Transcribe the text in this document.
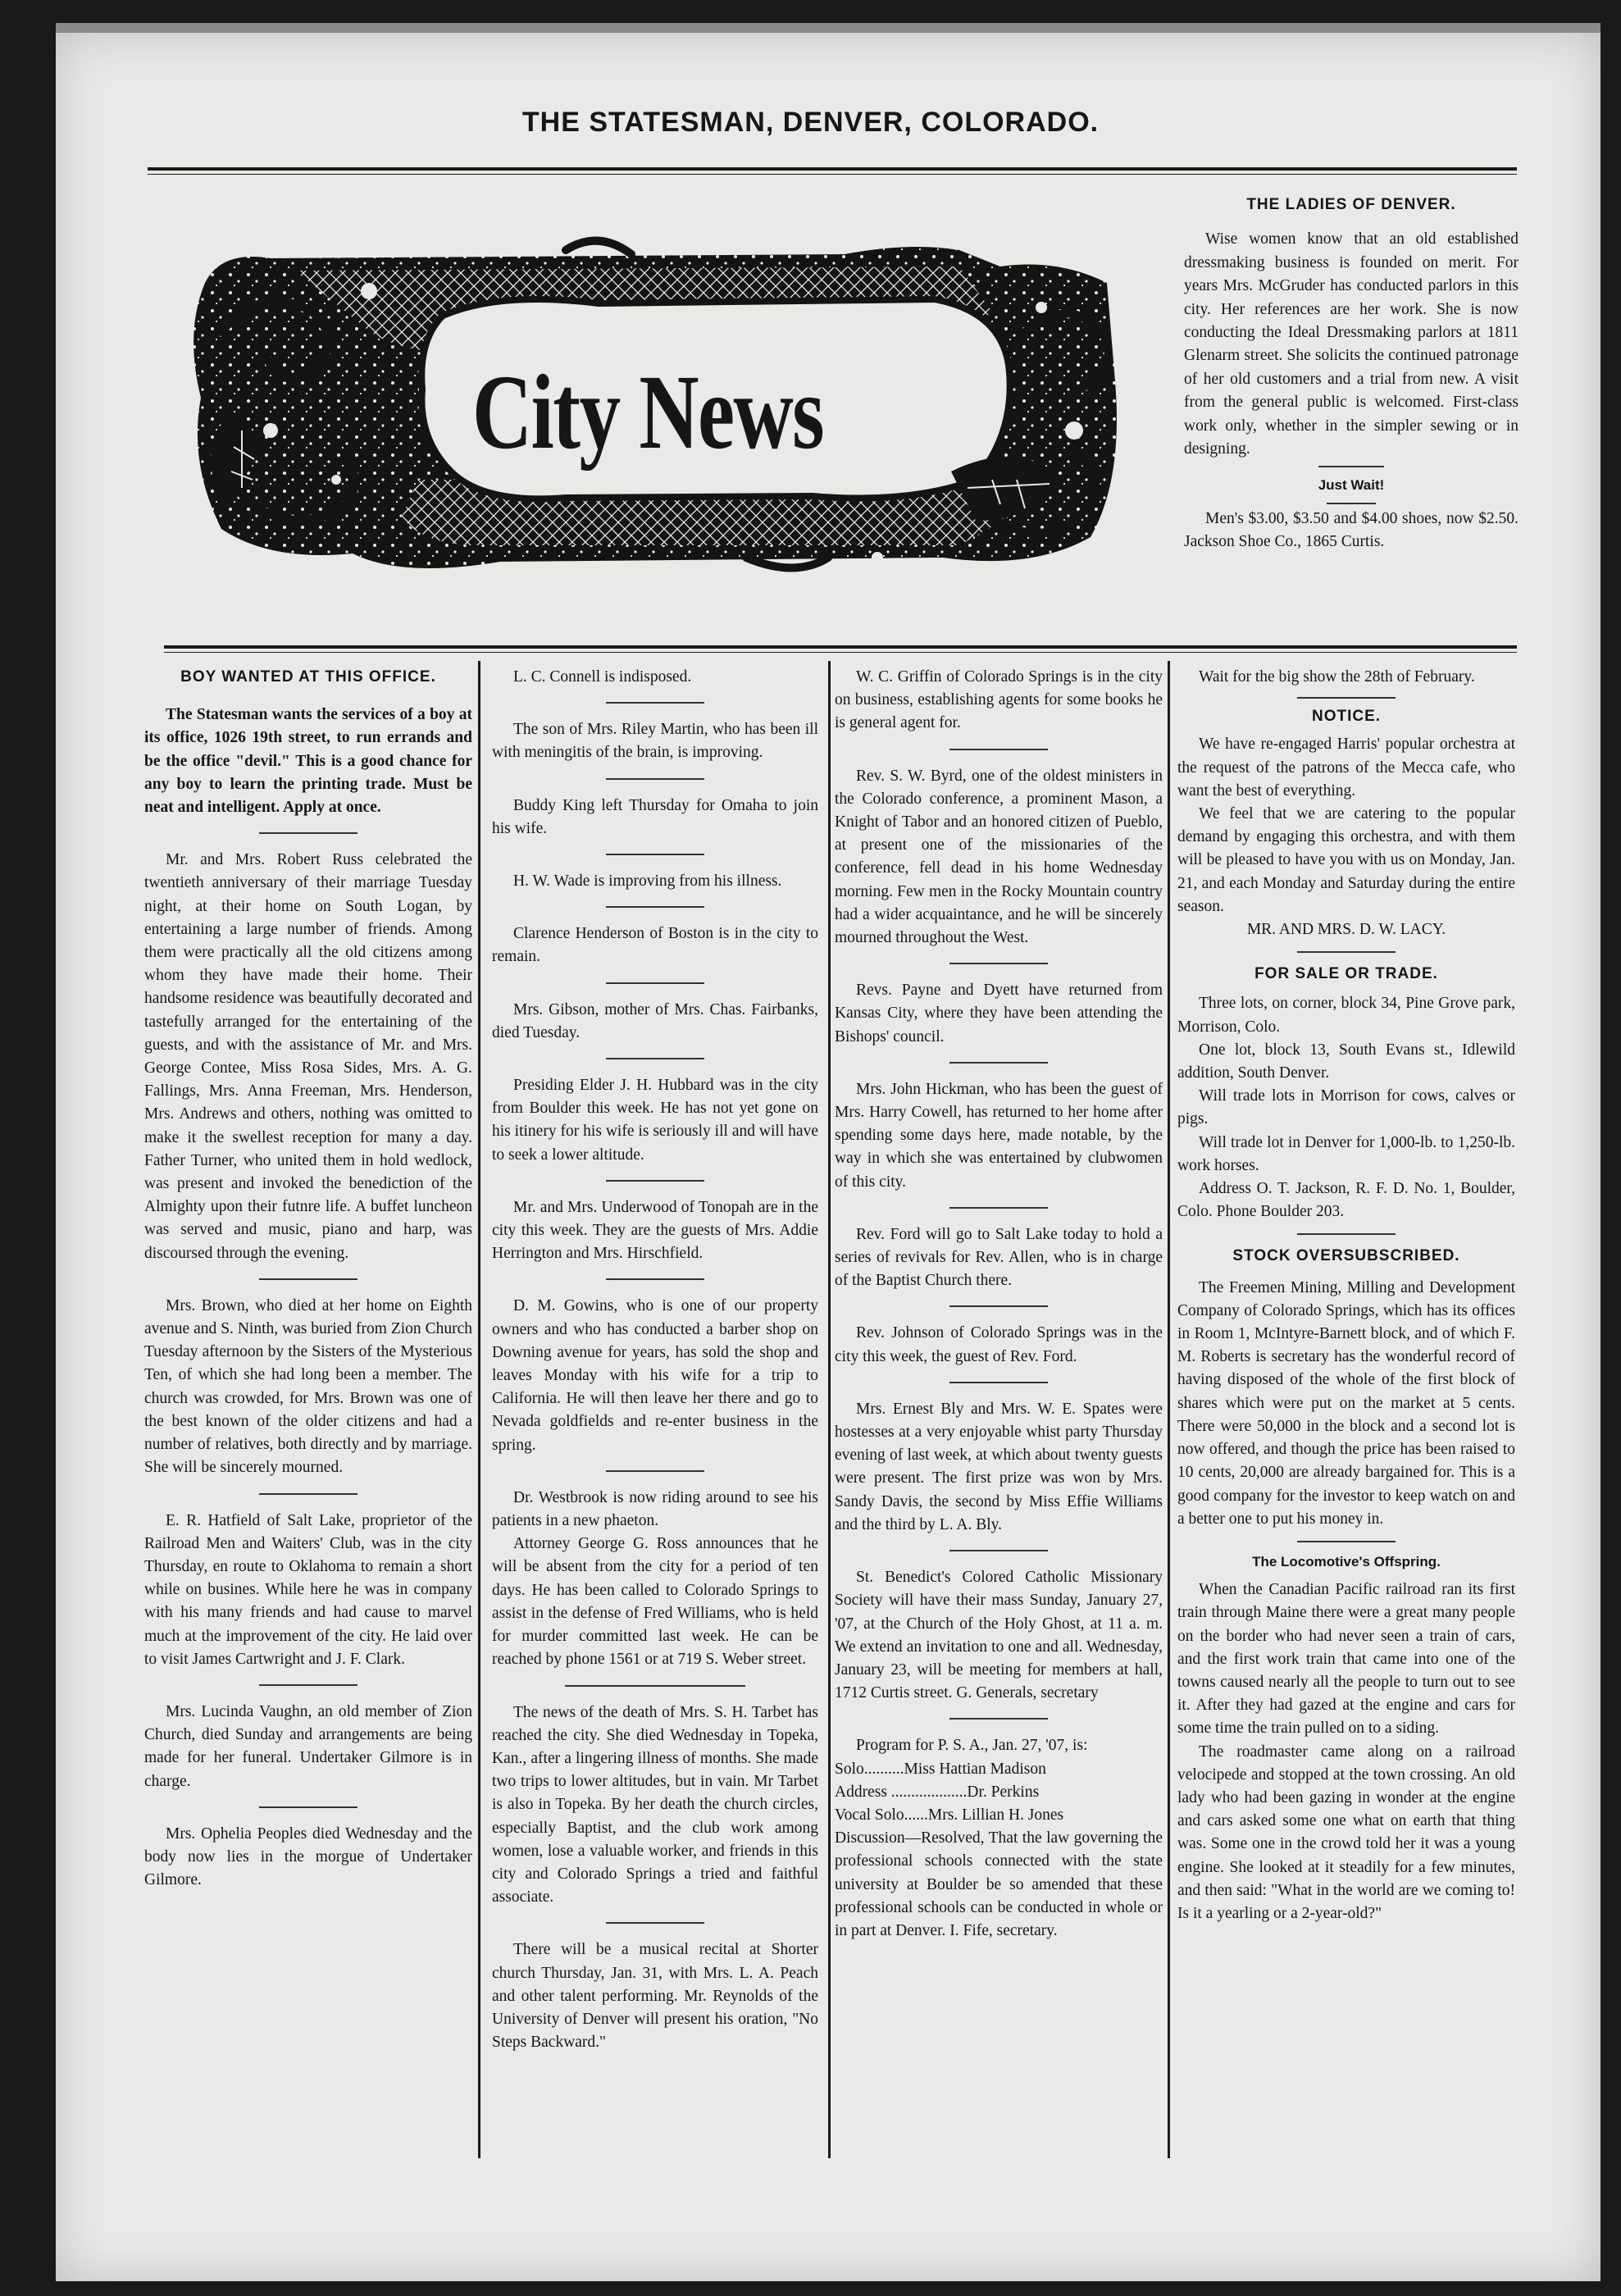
THE STATESMAN, DENVER, COLORADO.
City News
THE LADIES OF DENVER.

Wise women know that an old established dressmaking business is founded on merit. For years Mrs. McGruder has conducted parlors in this city. Her references are her work. She is now conducting the Ideal Dressmaking parlors at 1811 Glenarm street. She solicits the continued patronage of her old customers and a trial from new. A visit from the general public is welcomed. First-class work only, whether in the simpler sewing or in designing.

Just Wait!

Men's $3.00, $3.50 and $4.00 shoes, now $2.50. Jackson Shoe Co., 1865 Curtis.

BOY WANTED AT THIS OFFICE.

The Statesman wants the services of a boy at its office, 1026 19th street, to run errands and be the office "devil." This is a good chance for any boy to learn the printing trade. Must be neat and intelligent. Apply at once.

Mr. and Mrs. Robert Russ celebrated the twentieth anniversary of their marriage Tuesday night, at their home on South Logan, by entertaining a large number of friends. Among them were practically all the old citizens among whom they have made their home. Their handsome residence was beautifully decorated and tastefully arranged for the entertaining of the guests, and with the assistance of Mr. and Mrs. George Contee, Miss Rosa Sides, Mrs. A. G. Fallings, Mrs. Anna Freeman, Mrs. Henderson, Mrs. Andrews and others, nothing was omitted to make it the swellest reception for many a day. Father Turner, who united them in hold wedlock, was present and invoked the benediction of the Almighty upon their futnre life. A buffet luncheon was served and music, piano and harp, was discoursed through the evening.

Mrs. Brown, who died at her home on Eighth avenue and S. Ninth, was buried from Zion Church Tuesday afternoon by the Sisters of the Mysterious Ten, of which she had long been a member. The church was crowded, for Mrs. Brown was one of the best known of the older citizens and had a number of relatives, both directly and by marriage. She will be sincerely mourned.

E. R. Hatfield of Salt Lake, proprietor of the Railroad Men and Waiters' Club, was in the city Thursday, en route to Oklahoma to remain a short while on busines. While here he was in company with his many friends and had cause to marvel much at the improvement of the city. He laid over to visit James Cartwright and J. F. Clark.

Mrs. Lucinda Vaughn, an old member of Zion Church, died Sunday and arrangements are being made for her funeral. Undertaker Gilmore is in charge.

Mrs. Ophelia Peoples died Wednesday and the body now lies in the morgue of Undertaker Gilmore.

L. C. Connell is indisposed.

The son of Mrs. Riley Martin, who has been ill with meningitis of the brain, is improving.

Buddy King left Thursday for Omaha to join his wife.

H. W. Wade is improving from his illness.

Clarence Henderson of Boston is in the city to remain.

Mrs. Gibson, mother of Mrs. Chas. Fairbanks, died Tuesday.

Presiding Elder J. H. Hubbard was in the city from Boulder this week. He has not yet gone on his itinery for his wife is seriously ill and will have to seek a lower altitude.

Mr. and Mrs. Underwood of Tonopah are in the city this week. They are the guests of Mrs. Addie Herrington and Mrs. Hirschfield.

D. M. Gowins, who is one of our property owners and who has conducted a barber shop on Downing avenue for years, has sold the shop and leaves Monday with his wife for a trip to California. He will then leave her there and go to Nevada goldfields and re-enter business in the spring.

Dr. Westbrook is now riding around to see his patients in a new phaeton.

Attorney George G. Ross announces that he will be absent from the city for a period of ten days. He has been called to Colorado Springs to assist in the defense of Fred Williams, who is held for murder committed last week. He can be reached by phone 1561 or at 719 S. Weber street.

The news of the death of Mrs. S. H. Tarbet has reached the city. She died Wednesday in Topeka, Kan., after a lingering illness of months. She made two trips to lower altitudes, but in vain. Mr Tarbet is also in Topeka. By her death the church circles, especially Baptist, and the club work among women, lose a valuable worker, and friends in this city and Colorado Springs a tried and faithful associate.

There will be a musical recital at Shorter church Thursday, Jan. 31, with Mrs. L. A. Peach and other talent performing. Mr. Reynolds of the University of Denver will present his oration, "No Steps Backward."

W. C. Griffin of Colorado Springs is in the city on business, establishing agents for some books he is general agent for.

Rev. S. W. Byrd, one of the oldest ministers in the Colorado conference, a prominent Mason, a Knight of Tabor and an honored citizen of Pueblo, at present one of the missionaries of the conference, fell dead in his home Wednesday morning. Few men in the Rocky Mountain country had a wider acquaintance, and he will be sincerely mourned throughout the West.

Revs. Payne and Dyett have returned from Kansas City, where they have been attending the Bishops' council.

Mrs. John Hickman, who has been the guest of Mrs. Harry Cowell, has returned to her home after spending some days here, made notable, by the way in which she was entertained by clubwomen of this city.

Rev. Ford will go to Salt Lake today to hold a series of revivals for Rev. Allen, who is in charge of the Baptist Church there.

Rev. Johnson of Colorado Springs was in the city this week, the guest of Rev. Ford.

Mrs. Ernest Bly and Mrs. W. E. Spates were hostesses at a very enjoyable whist party Thursday evening of last week, at which about twenty guests were present. The first prize was won by Mrs. Sandy Davis, the second by Miss Effie Williams and the third by L. A. Bly.

St. Benedict's Colored Catholic Missionary Society will have their mass Sunday, January 27, '07, at the Church of the Holy Ghost, at 11 a. m. We extend an invitation to one and all. Wednesday, January 23, will be meeting for members at hall, 1712 Curtis street. G. Generals, secretary

Program for P. S. A., Jan. 27, '07, is:

Solo..........Miss Hattian Madison

Address ...................Dr. Perkins

Vocal Solo......Mrs. Lillian H. Jones

Discussion—Resolved, That the law governing the professional schools connected with the state university at Boulder be so amended that these professional schools can be conducted in whole or in part at Denver. I. Fife, secretary.

Wait for the big show the 28th of February.

NOTICE.

We have re-engaged Harris' popular orchestra at the request of the patrons of the Mecca cafe, who want the best of everything.

We feel that we are catering to the popular demand by engaging this orchestra, and with them will be pleased to have you with us on Monday, Jan. 21, and each Monday and Saturday during the entire season.

MR. AND MRS. D. W. LACY.

FOR SALE OR TRADE.

Three lots, on corner, block 34, Pine Grove park, Morrison, Colo.

One lot, block 13, South Evans st., Idlewild addition, South Denver.

Will trade lots in Morrison for cows, calves or pigs.

Will trade lot in Denver for 1,000-lb. to 1,250-lb. work horses.

Address O. T. Jackson, R. F. D. No. 1, Boulder, Colo. Phone Boulder 203.

STOCK OVERSUBSCRIBED.

The Freemen Mining, Milling and Development Company of Colorado Springs, which has its offices in Room 1, McIntyre-Barnett block, and of which F. M. Roberts is secretary has the wonderful record of having disposed of the whole of the first block of shares which were put on the market at 5 cents. There were 50,000 in the block and a second lot is now offered, and though the price has been raised to 10 cents, 20,000 are already bargained for. This is a good company for the investor to keep watch on and a better one to put his money in.

The Locomotive's Offspring.

When the Canadian Pacific railroad ran its first train through Maine there were a great many people on the border who had never seen a train of cars, and the first work train that came into one of the towns caused nearly all the people to turn out to see it. After they had gazed at the engine and cars for some time the train pulled on to a siding.

The roadmaster came along on a railroad velocipede and stopped at the town crossing. An old lady who had been gazing in wonder at the engine and cars asked some one what on earth that thing was. Some one in the crowd told her it was a young engine. She looked at it steadily for a few minutes, and then said: "What in the world are we coming to! Is it a yearling or a 2-year-old?"
